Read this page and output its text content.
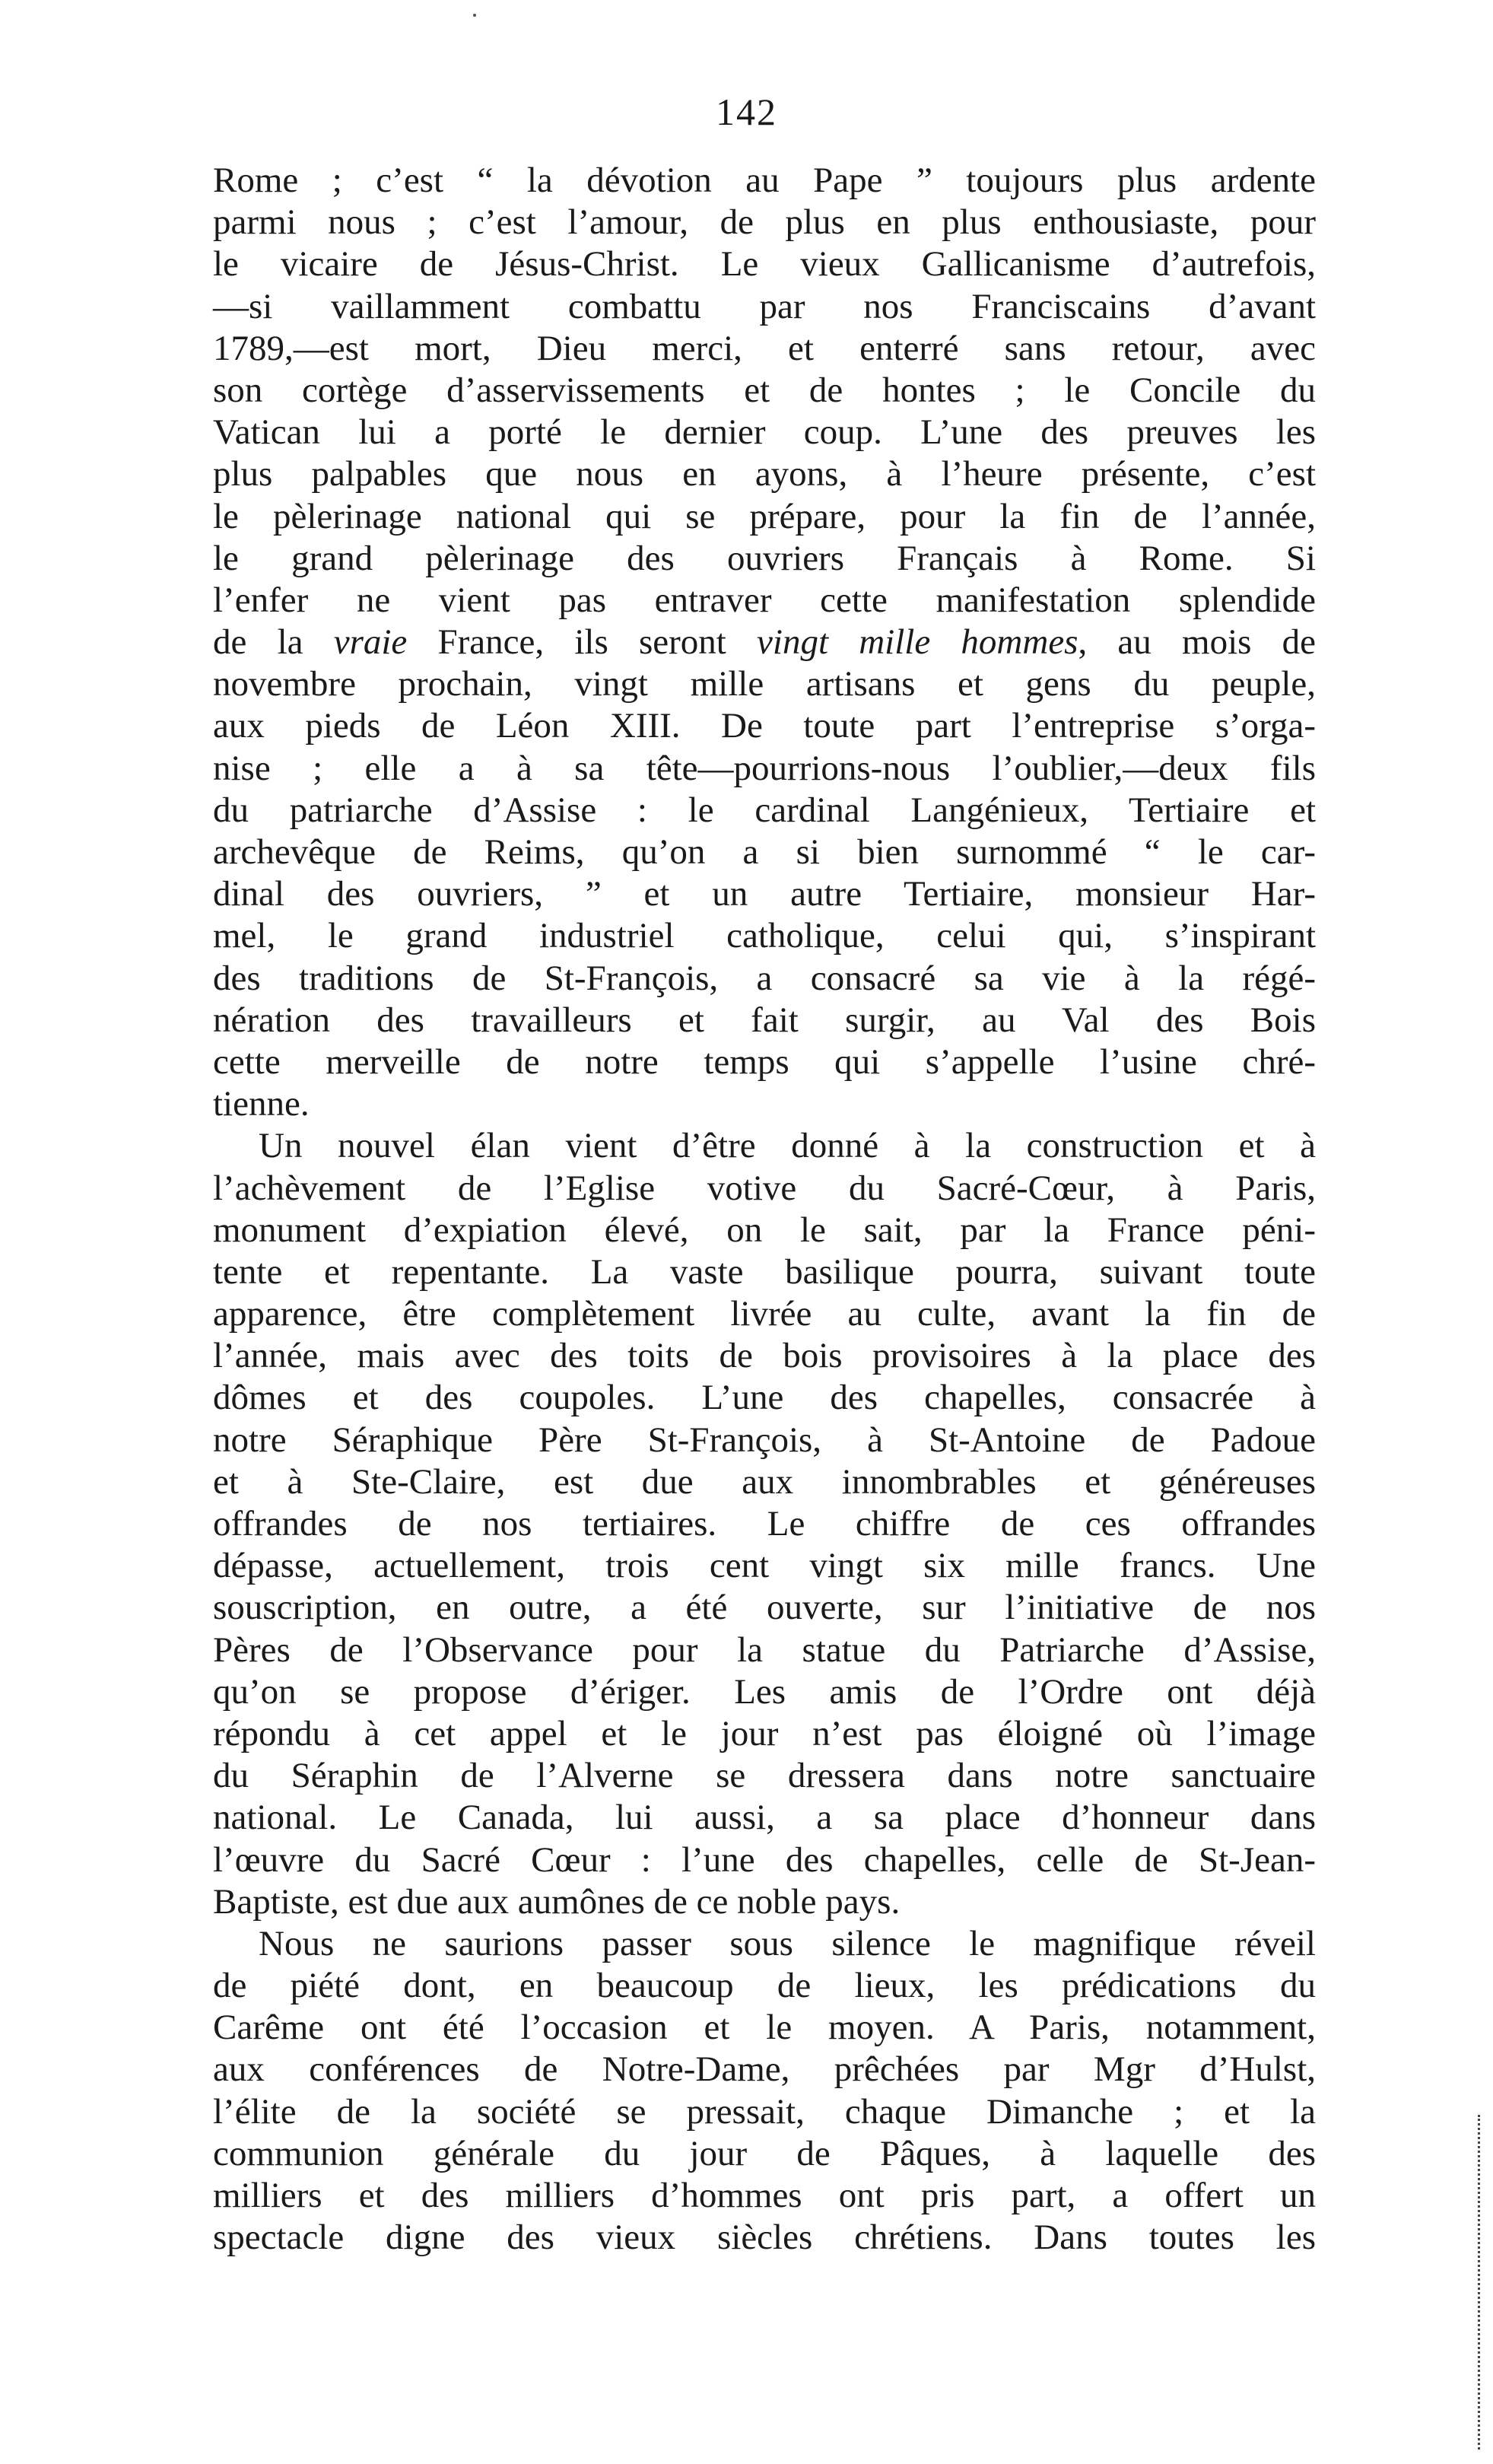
142
Rome ; c’est “ la dévotion au Pape ” toujours plus ardente
parmi nous ; c’est l’amour, de plus en plus enthousiaste, pour
le vicaire de Jésus-Christ. Le vieux Gallicanisme d’autrefois,
—si vaillamment combattu par nos Franciscains d’avant
1789,—est mort, Dieu merci, et enterré sans retour, avec
son cortège d’asservissements et de hontes ; le Concile du
Vatican lui a porté le dernier coup. L’une des preuves les
plus palpables que nous en ayons, à l’heure présente, c’est
le pèlerinage national qui se prépare, pour la fin de l’année,
le grand pèlerinage des ouvriers Français à Rome. Si
l’enfer ne vient pas entraver cette manifestation splendide
de la vraie France, ils seront vingt mille hommes, au mois de
novembre prochain, vingt mille artisans et gens du peuple,
aux pieds de Léon XIII. De toute part l’entreprise s’orga-
nise ; elle a à sa tête—pourrions-nous l’oublier,—deux fils
du patriarche d’Assise : le cardinal Langénieux, Tertiaire et
archevêque de Reims, qu’on a si bien surnommé “ le car-
dinal des ouvriers, ” et un autre Tertiaire, monsieur Har-
mel, le grand industriel catholique, celui qui, s’inspirant
des traditions de St-François, a consacré sa vie à la régé-
nération des travailleurs et fait surgir, au Val des Bois
cette merveille de notre temps qui s’appelle l’usine chré-
tienne.
Un nouvel élan vient d’être donné à la construction et à
l’achèvement de l’Eglise votive du Sacré-Cœur, à Paris,
monument d’expiation élevé, on le sait, par la France péni-
tente et repentante. La vaste basilique pourra, suivant toute
apparence, être complètement livrée au culte, avant la fin de
l’année, mais avec des toits de bois provisoires à la place des
dômes et des coupoles. L’une des chapelles, consacrée à
notre Séraphique Père St-François, à St-Antoine de Padoue
et à Ste-Claire, est due aux innombrables et généreuses
offrandes de nos tertiaires. Le chiffre de ces offrandes
dépasse, actuellement, trois cent vingt six mille francs. Une
souscription, en outre, a été ouverte, sur l’initiative de nos
Pères de l’Observance pour la statue du Patriarche d’Assise,
qu’on se propose d’ériger. Les amis de l’Ordre ont déjà
répondu à cet appel et le jour n’est pas éloigné où l’image
du Séraphin de l’Alverne se dressera dans notre sanctuaire
national. Le Canada, lui aussi, a sa place d’honneur dans
l’œuvre du Sacré Cœur : l’une des chapelles, celle de St-Jean-
Baptiste, est due aux aumônes de ce noble pays.
Nous ne saurions passer sous silence le magnifique réveil
de piété dont, en beaucoup de lieux, les prédications du
Carême ont été l’occasion et le moyen. A Paris, notamment,
aux conférences de Notre-Dame, prêchées par Mgr d’Hulst,
l’élite de la société se pressait, chaque Dimanche ; et la
communion générale du jour de Pâques, à laquelle des
milliers et des milliers d’hommes ont pris part, a offert un
spectacle digne des vieux siècles chrétiens. Dans toutes les
